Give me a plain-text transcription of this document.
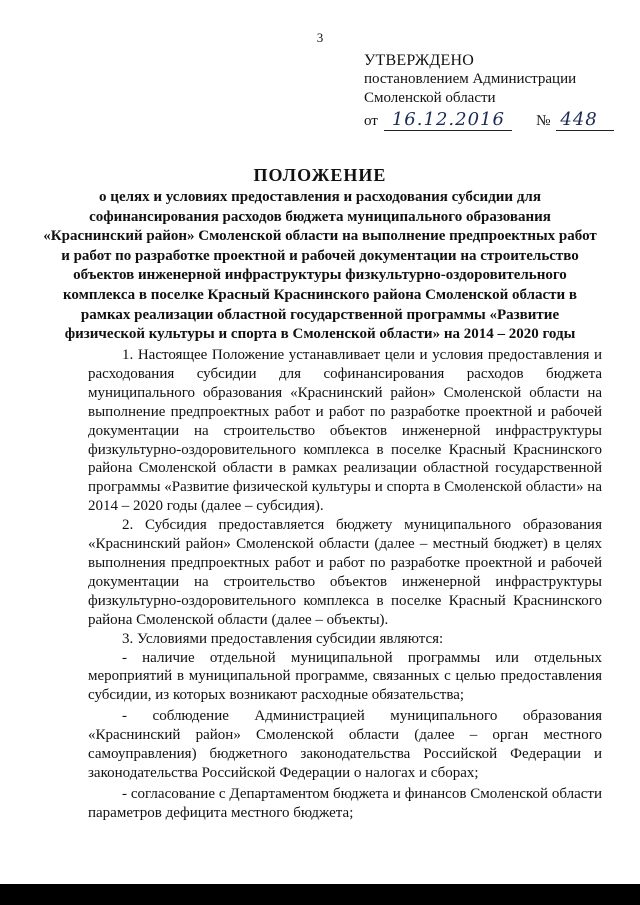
3
УТВЕРЖДЕНО
постановлением Администрации
Смоленской области
от 16.12.2016 № 448
ПОЛОЖЕНИЕ
о целях и условиях предоставления и расходования субсидии для софинансирования расходов бюджета муниципального образования «Краснинский район» Смоленской области на выполнение предпроектных работ и работ по разработке проектной и рабочей документации на строительство объектов инженерной инфраструктуры физкультурно-оздоровительного комплекса в поселке Красный Краснинского района Смоленской области в рамках реализации областной государственной программы «Развитие физической культуры и спорта в Смоленской области» на 2014 – 2020 годы

1. Настоящее Положение устанавливает цели и условия предоставления и расходования субсидии для софинансирования расходов бюджета муниципального образования «Краснинский район» Смоленской области на выполнение предпроектных работ и работ по разработке проектной и рабочей документации на строительство объектов инженерной инфраструктуры физкультурно-оздоровительного комплекса в поселке Красный Краснинского района Смоленской области в рамках реализации областной государственной программы «Развитие физической культуры и спорта в Смоленской области» на 2014 – 2020 годы (далее – субсидия).

2. Субсидия предоставляется бюджету муниципального образования «Краснинский район» Смоленской области (далее – местный бюджет) в целях выполнения предпроектных работ и работ по разработке проектной и рабочей документации на строительство объектов инженерной инфраструктуры физкультурно-оздоровительного комплекса в поселке Красный Краснинского района Смоленской области (далее – объекты).

3. Условиями предоставления субсидии являются:

- наличие отдельной муниципальной программы или отдельных мероприятий в муниципальной программе, связанных с целью предоставления субсидии, из которых возникают расходные обязательства;

- соблюдение Администрацией муниципального образования «Краснинский район» Смоленской области (далее – орган местного самоуправления) бюджетного законодательства Российской Федерации и законодательства Российской Федерации о налогах и сборах;

- согласование с Департаментом бюджета и финансов Смоленской области параметров дефицита местного бюджета;
